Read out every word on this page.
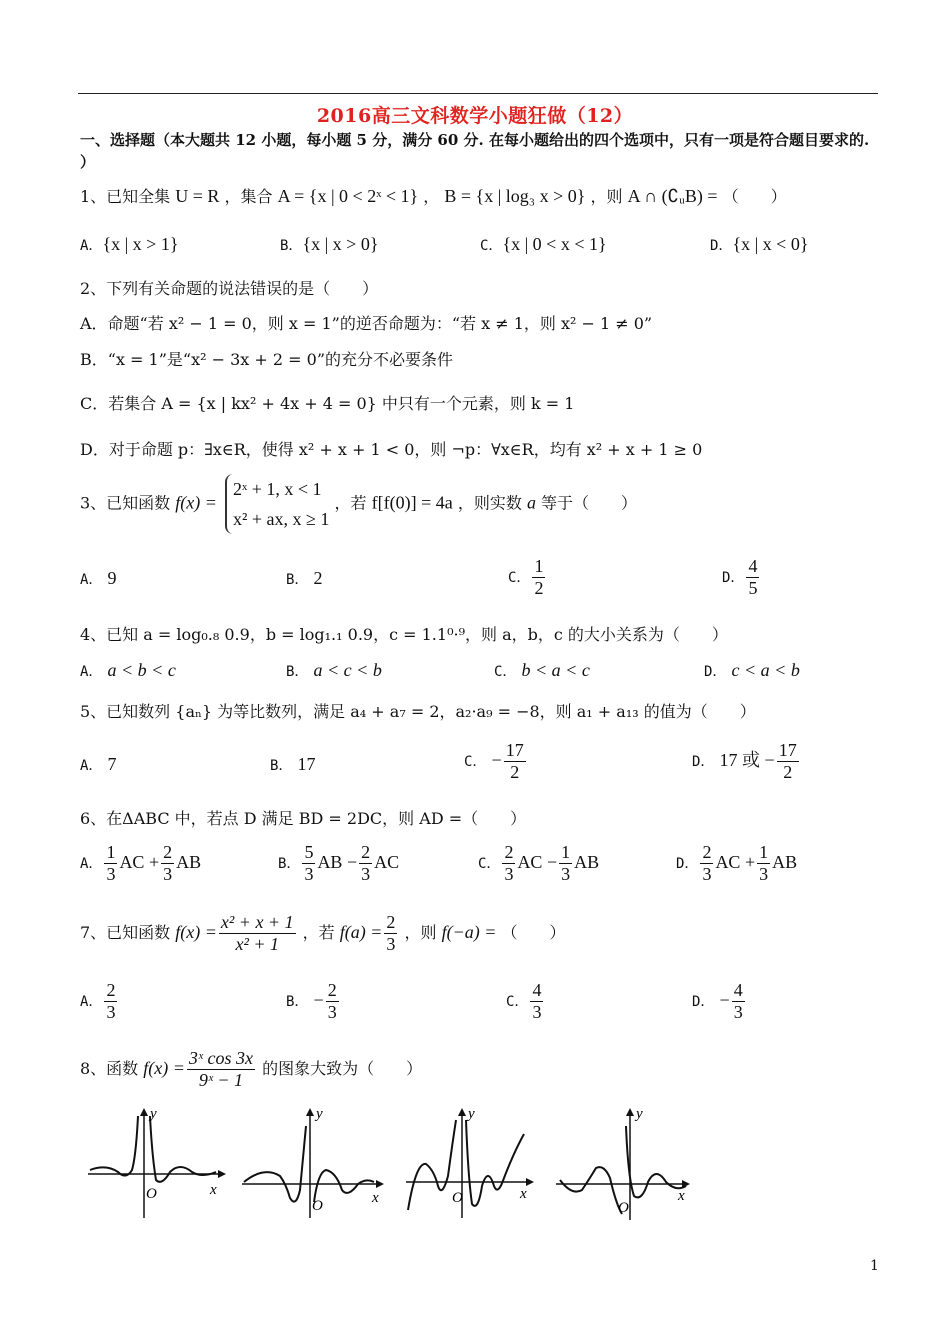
2016高三文科数学小题狂做（12）
一、选择题（本大题共 12 小题，每小题 5 分，满分 60 分. 在每小题给出的四个选项中，只有一项是符合题目要求的. ）
1、已知全集 U = R ，集合 A = {x | 0 < 2ˣ < 1} ， B = {x | log₃ x > 0} ，则 A ∩ (∁ᵤB) = （　　）
A．{x | x > 1}	B．{x | x > 0}	C．{x | 0 < x < 1}	D．{x | x < 0}
2、下列有关命题的说法错误的是（　　）
A．命题“若 x² − 1 = 0，则 x = 1”的逆否命题为：“若 x ≠ 1，则 x² − 1 ≠ 0”
B．“x = 1”是“x² − 3x + 2 = 0”的充分不必要条件
C．若集合 A = {x | kx² + 4x + 4 = 0} 中只有一个元素，则 k = 1
D．对于命题 p：∃x∈R，使得 x² + x + 1 < 0，则 ¬p：∀x∈R，均有 x² + x + 1 ≥ 0
3、已知函数 f(x) =
2ˣ + 1, x < 1
x² + ax, x ≥ 1
，若 f[f(0)] = 4a ，则实数 a 等于（　　）
A． 9	B． 2	C． $\frac{1}{2}$	D． $\frac{4}{5}$
4、已知 a = log₀.₈ 0.9，b = log₁.₁ 0.9，c = 1.1⁰·⁹，则 a，b，c 的大小关系为（　　）
A． a < b < c	B． a < c < b	C． b < a < c	D． c < a < b
5、已知数列 {aₙ} 为等比数列，满足 a₄ + a₇ = 2，a₂·a₉ = −8，则 a₁ + a₁₃ 的值为（　　）
A． 7	B． 17	C． − $\frac{17}{2}$	D． 17 或 − $\frac{17}{2}$
6、在ΔABC 中，若点 D 满足 BD = 2DC，则 AD =（　　）
A． $\frac{1}{3}$ AC + $\frac{2}{3}$ AB	B． $\frac{5}{3}$ AB − $\frac{2}{3}$ AC	C． $\frac{2}{3}$ AC − $\frac{1}{3}$ AB	D． $\frac{2}{3}$ AC + $\frac{1}{3}$ AB
7、已知函数 $f(x) = \frac{\text{x² + x + 1}}{\text{x² + 1}}$ ，若 $f(a) = \frac{2}{3}$ ，则 f(−a) = （　　）
A． $\frac{2}{3}$	B． − $\frac{2}{3}$	C． $\frac{4}{3}$	D． − $\frac{4}{3}$
8、函数 $f(x) = \frac{\text{3ˣ cos 3x}}{\text{9ˣ − 1}}$ 的图象大致为（　　）
y
x
O
y
x
O
y
x
O
y
x
O
1
